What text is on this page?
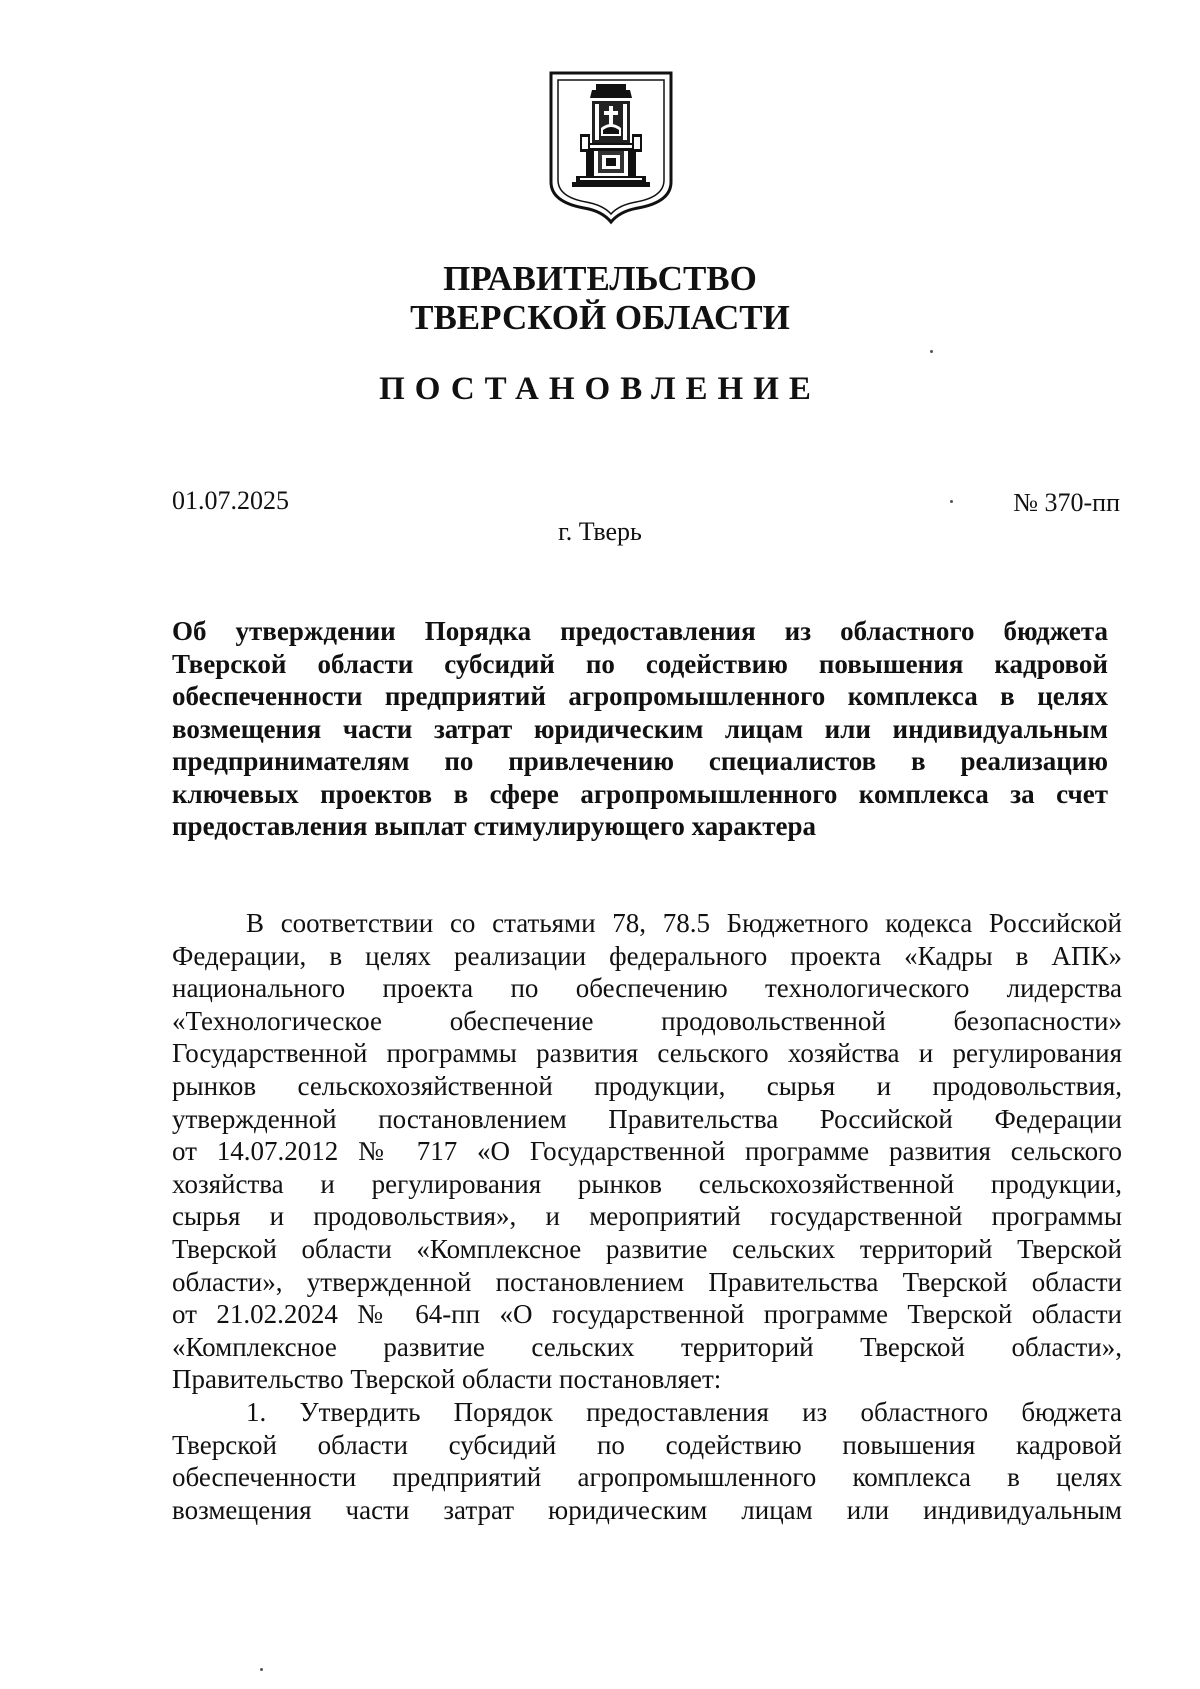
ПРАВИТЕЛЬСТВО
ТВЕРСКОЙ ОБЛАСТИ
ПОСТАНОВЛЕНИЕ
01.07.2025	№ 370-пп
г. Тверь
Об утверждении Порядка предоставления из областного бюджета
Тверской области субсидий по содействию повышения кадровой
обеспеченности предприятий агропромышленного комплекса в целях
возмещения части затрат юридическим лицам или индивидуальным
предпринимателям по привлечению специалистов в реализацию
ключевых проектов в сфере агропромышленного комплекса за счет
предоставления выплат стимулирующего характера
В соответствии со статьями 78, 78.5 Бюджетного кодекса Российской
Федерации, в целях реализации федерального проекта «Кадры в АПК»
национального проекта по обеспечению технологического лидерства
«Технологическое обеспечение продовольственной безопасности»
Государственной программы развития сельского хозяйства и регулирования
рынков сельскохозяйственной продукции, сырья и продовольствия,
утвержденной постановлением Правительства Российской Федерации
от 14.07.2012 № 717 «О Государственной программе развития сельского
хозяйства и регулирования рынков сельскохозяйственной продукции,
сырья и продовольствия», и мероприятий государственной программы
Тверской области «Комплексное развитие сельских территорий Тверской
области», утвержденной постановлением Правительства Тверской области
от 21.02.2024 № 64-пп «О государственной программе Тверской области
«Комплексное развитие сельских территорий Тверской области»,
Правительство Тверской области постановляет:
1. Утвердить Порядок предоставления из областного бюджета
Тверской области субсидий по содействию повышения кадровой
обеспеченности предприятий агропромышленного комплекса в целях
возмещения части затрат юридическим лицам или индивидуальным
